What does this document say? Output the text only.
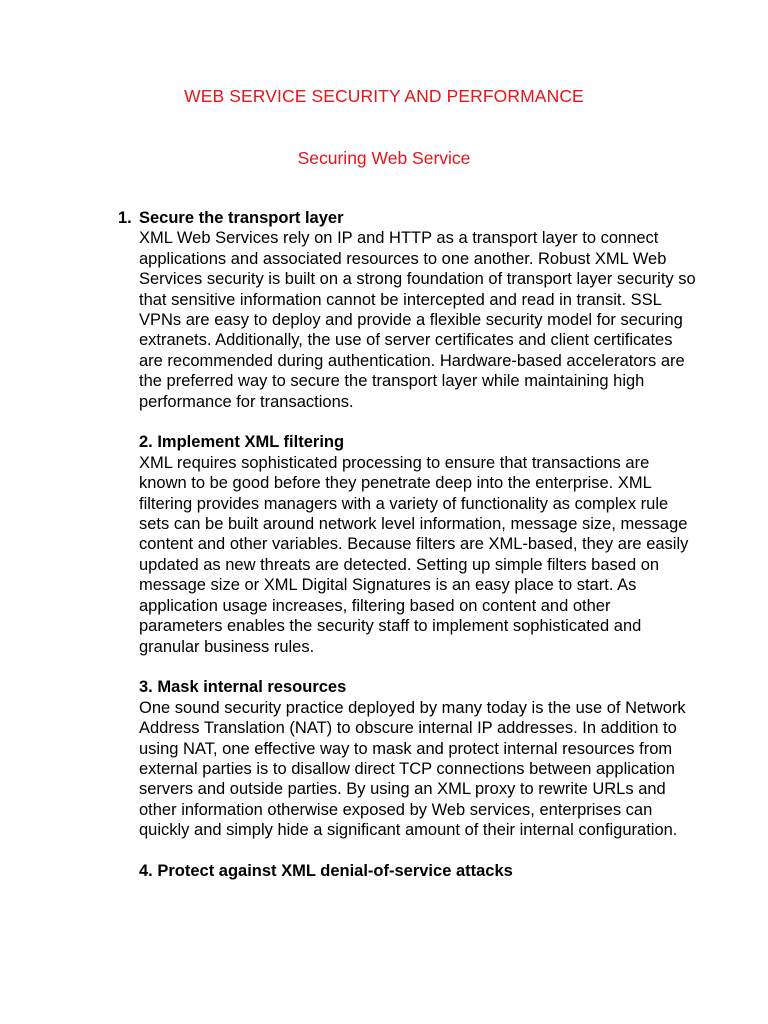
WEB SERVICE SECURITY AND PERFORMANCE
Securing Web Service
1. Secure the transport layer
XML Web Services rely on IP and HTTP as a transport layer to connect applications and associated resources to one another. Robust XML Web Services security is built on a strong foundation of transport layer security so that sensitive information cannot be intercepted and read in transit. SSL VPNs are easy to deploy and provide a flexible security model for securing extranets. Additionally, the use of server certificates and client certificates are recommended during authentication. Hardware-based accelerators are the preferred way to secure the transport layer while maintaining high performance for transactions.
2. Implement XML filtering
XML requires sophisticated processing to ensure that transactions are known to be good before they penetrate deep into the enterprise. XML filtering provides managers with a variety of functionality as complex rule sets can be built around network level information, message size, message content and other variables. Because filters are XML-based, they are easily updated as new threats are detected. Setting up simple filters based on message size or XML Digital Signatures is an easy place to start. As application usage increases, filtering based on content and other parameters enables the security staff to implement sophisticated and granular business rules.
3. Mask internal resources
One sound security practice deployed by many today is the use of Network Address Translation (NAT) to obscure internal IP addresses. In addition to using NAT, one effective way to mask and protect internal resources from external parties is to disallow direct TCP connections between application servers and outside parties. By using an XML proxy to rewrite URLs and other information otherwise exposed by Web services, enterprises can quickly and simply hide a significant amount of their internal configuration.
4. Protect against XML denial-of-service attacks
